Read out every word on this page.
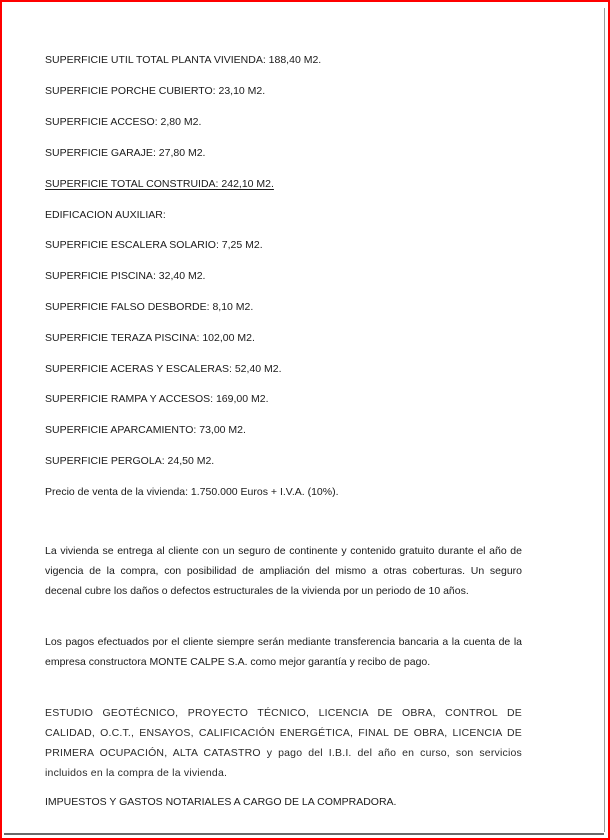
SUPERFICIE UTIL TOTAL PLANTA VIVIENDA: 188,40 M2.
SUPERFICIE PORCHE CUBIERTO: 23,10 M2.
SUPERFICIE ACCESO: 2,80 M2.
SUPERFICIE GARAJE: 27,80 M2.
SUPERFICIE TOTAL CONSTRUIDA: 242,10 M2.
EDIFICACION AUXILIAR:
SUPERFICIE ESCALERA SOLARIO: 7,25 M2.
SUPERFICIE PISCINA: 32,40 M2.
SUPERFICIE FALSO DESBORDE: 8,10 M2.
SUPERFICIE TERAZA PISCINA: 102,00 M2.
SUPERFICIE ACERAS Y ESCALERAS: 52,40 M2.
SUPERFICIE RAMPA Y ACCESOS: 169,00 M2.
SUPERFICIE APARCAMIENTO: 73,00 M2.
SUPERFICIE PERGOLA: 24,50 M2.
Precio de venta de la vivienda: 1.750.000 Euros + I.V.A. (10%).
La vivienda se entrega al cliente con un seguro de continente y contenido gratuito durante el año de vigencia de la compra, con posibilidad de ampliación del mismo a otras coberturas. Un seguro decenal cubre los daños o defectos estructurales de la vivienda por un periodo de 10 años.
Los pagos efectuados por el cliente siempre serán mediante transferencia bancaria a la cuenta de la empresa constructora MONTE CALPE S.A. como mejor garantía y recibo de pago.
ESTUDIO GEOTÉCNICO, PROYECTO TÉCNICO, LICENCIA DE OBRA, CONTROL DE CALIDAD, O.C.T., ENSAYOS, CALIFICACIÓN ENERGÉTICA, FINAL DE OBRA, LICENCIA DE PRIMERA OCUPACIÓN, ALTA CATASTRO y pago del I.B.I. del año en curso, son servicios incluidos en la compra de la vivienda.
IMPUESTOS Y GASTOS NOTARIALES A CARGO DE LA COMPRADORA.
